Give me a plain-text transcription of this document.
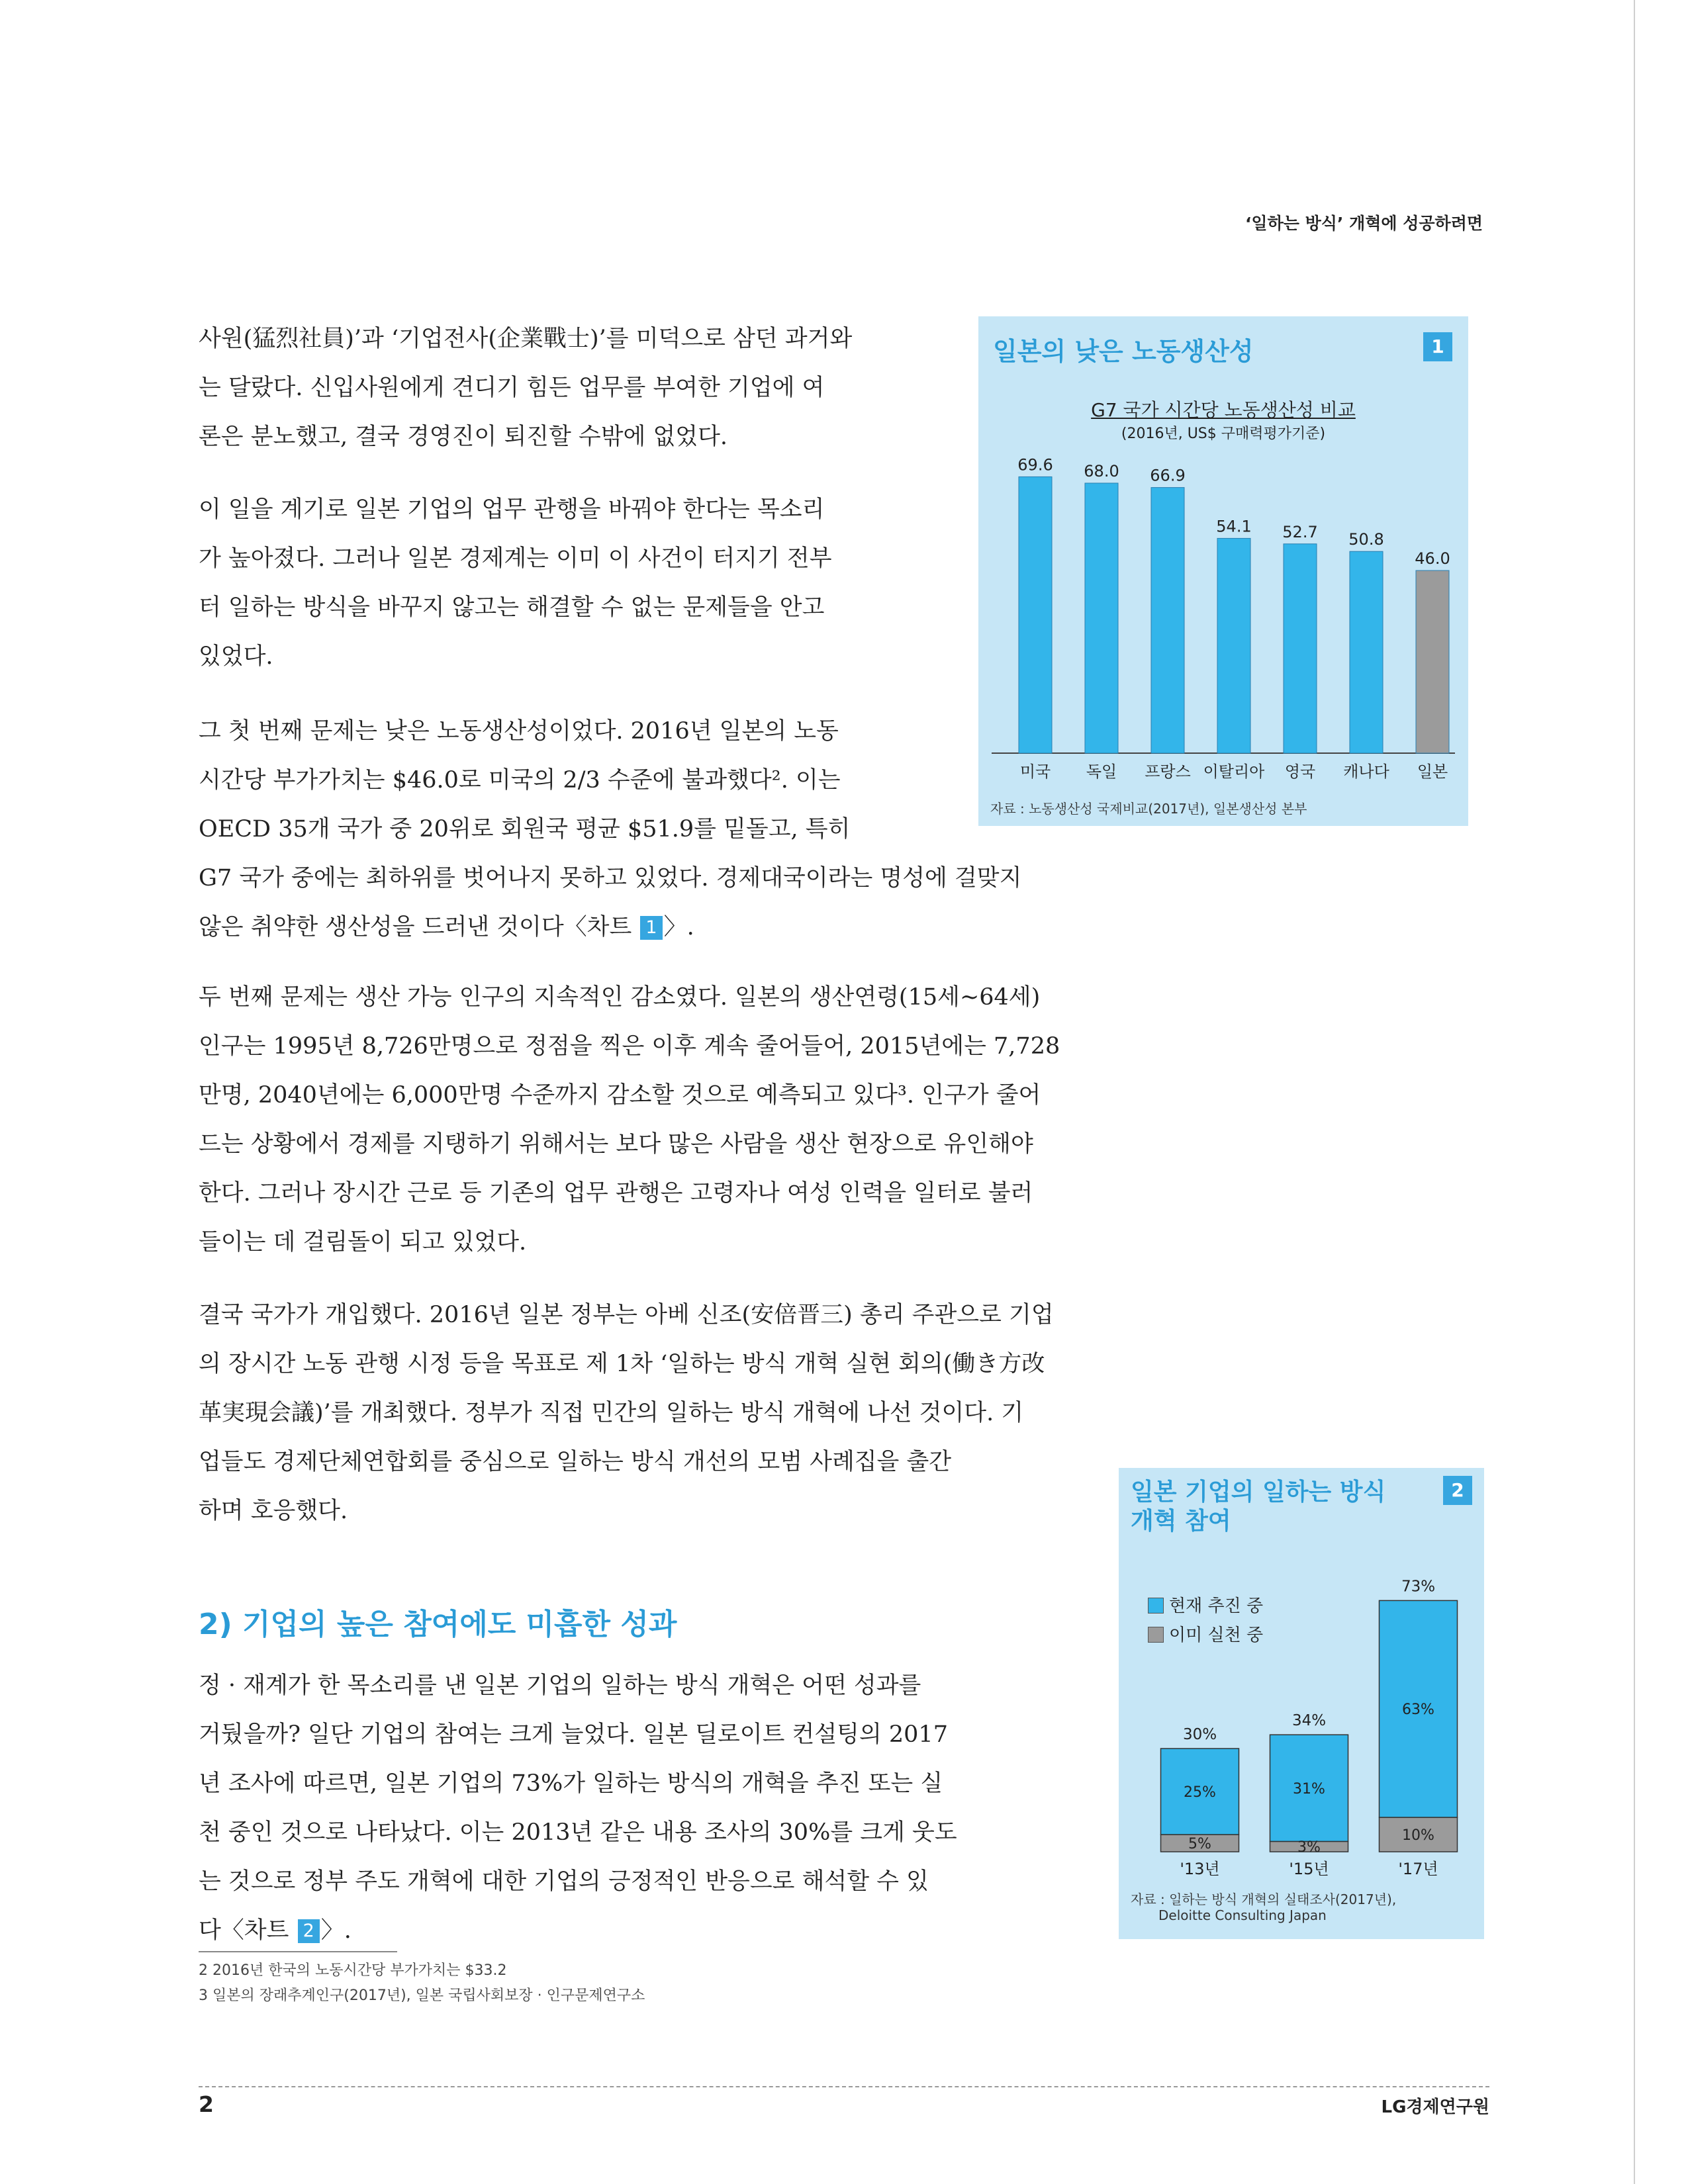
‘일하는 방식’ 개혁에 성공하려면

사원(猛烈社員)’과 ‘기업전사(企業戰士)’를 미덕으로 삼던 과거와

는 달랐다. 신입사원에게 견디기 힘든 업무를 부여한 기업에 여

론은 분노했고, 결국 경영진이 퇴진할 수밖에 없었다.

이 일을 계기로 일본 기업의 업무 관행을 바꿔야 한다는 목소리

가 높아졌다. 그러나 일본 경제계는 이미 이 사건이 터지기 전부

터 일하는 방식을 바꾸지 않고는 해결할 수 없는 문제들을 안고

있었다.

그 첫 번째 문제는 낮은 노동생산성이었다. 2016년 일본의 노동

시간당 부가가치는 $46.0로 미국의 2/3 수준에 불과했다². 이는

OECD 35개 국가 중 20위로 회원국 평균 $51.9를 밑돌고, 특히

G7 국가 중에는 최하위를 벗어나지 못하고 있었다. 경제대국이라는 명성에 걸맞지

않은 취약한 생산성을 드러낸 것이다〈차트 1 〉.

두 번째 문제는 생산 가능 인구의 지속적인 감소였다. 일본의 생산연령(15세~64세)

인구는 1995년 8,726만명으로 정점을 찍은 이후 계속 줄어들어, 2015년에는 7,728

만명, 2040년에는 6,000만명 수준까지 감소할 것으로 예측되고 있다³. 인구가 줄어

드는 상황에서 경제를 지탱하기 위해서는 보다 많은 사람을 생산 현장으로 유인해야

한다. 그러나 장시간 근로 등 기존의 업무 관행은 고령자나 여성 인력을 일터로 불러

들이는 데 걸림돌이 되고 있었다.

결국 국가가 개입했다. 2016년 일본 정부는 아베 신조(安倍晋三) 총리 주관으로 기업

의 장시간 노동 관행 시정 등을 목표로 제 1차 ‘일하는 방식 개혁 실현 회의(働き方改

革実現会議)’를 개최했다. 정부가 직접 민간의 일하는 방식 개혁에 나선 것이다. 기

업들도 경제단체연합회를 중심으로 일하는 방식 개선의 모범 사례집을 출간

하며 호응했다.

2) 기업의 높은 참여에도 미흡한 성과

정 · 재계가 한 목소리를 낸 일본 기업의 일하는 방식 개혁은 어떤 성과를

거뒀을까? 일단 기업의 참여는 크게 늘었다. 일본 딜로이트 컨설팅의 2017

년 조사에 따르면, 일본 기업의 73%가 일하는 방식의 개혁을 추진 또는 실

천 중인 것으로 나타났다. 이는 2013년 같은 내용 조사의 30%를 크게 웃도

는 것으로 정부 주도 개혁에 대한 기업의 긍정적인 반응으로 해석할 수 있

다〈차트 2 〉.

2 2016년 한국의 노동시간당 부가가치는 $33.2
3 일본의 장래추계인구(2017년), 일본 국립사회보장 · 인구문제연구소
2	LG경제연구원
일본의 낮은 노동생산성	1
G7 국가 시간당 노동생산성 비교
(2016년, US$ 구매력평가기준)
69.6
미국
68.0
독일
66.9
프랑스
54.1
이탈리아
52.7
영국
50.8
캐나다
46.0
일본
자료 : 노동생산성 국제비교(2017년), 일본생산성 본부
일본 기업의 일하는 방식
개혁 참여
2
현재 추진 중
이미 실천 중
5%
25%
30%
'13년
3%
31%
34%
'15년
10%
63%
73%
'17년
자료 : 일하는 방식 개혁의 실태조사(2017년),
Deloitte Consulting Japan
